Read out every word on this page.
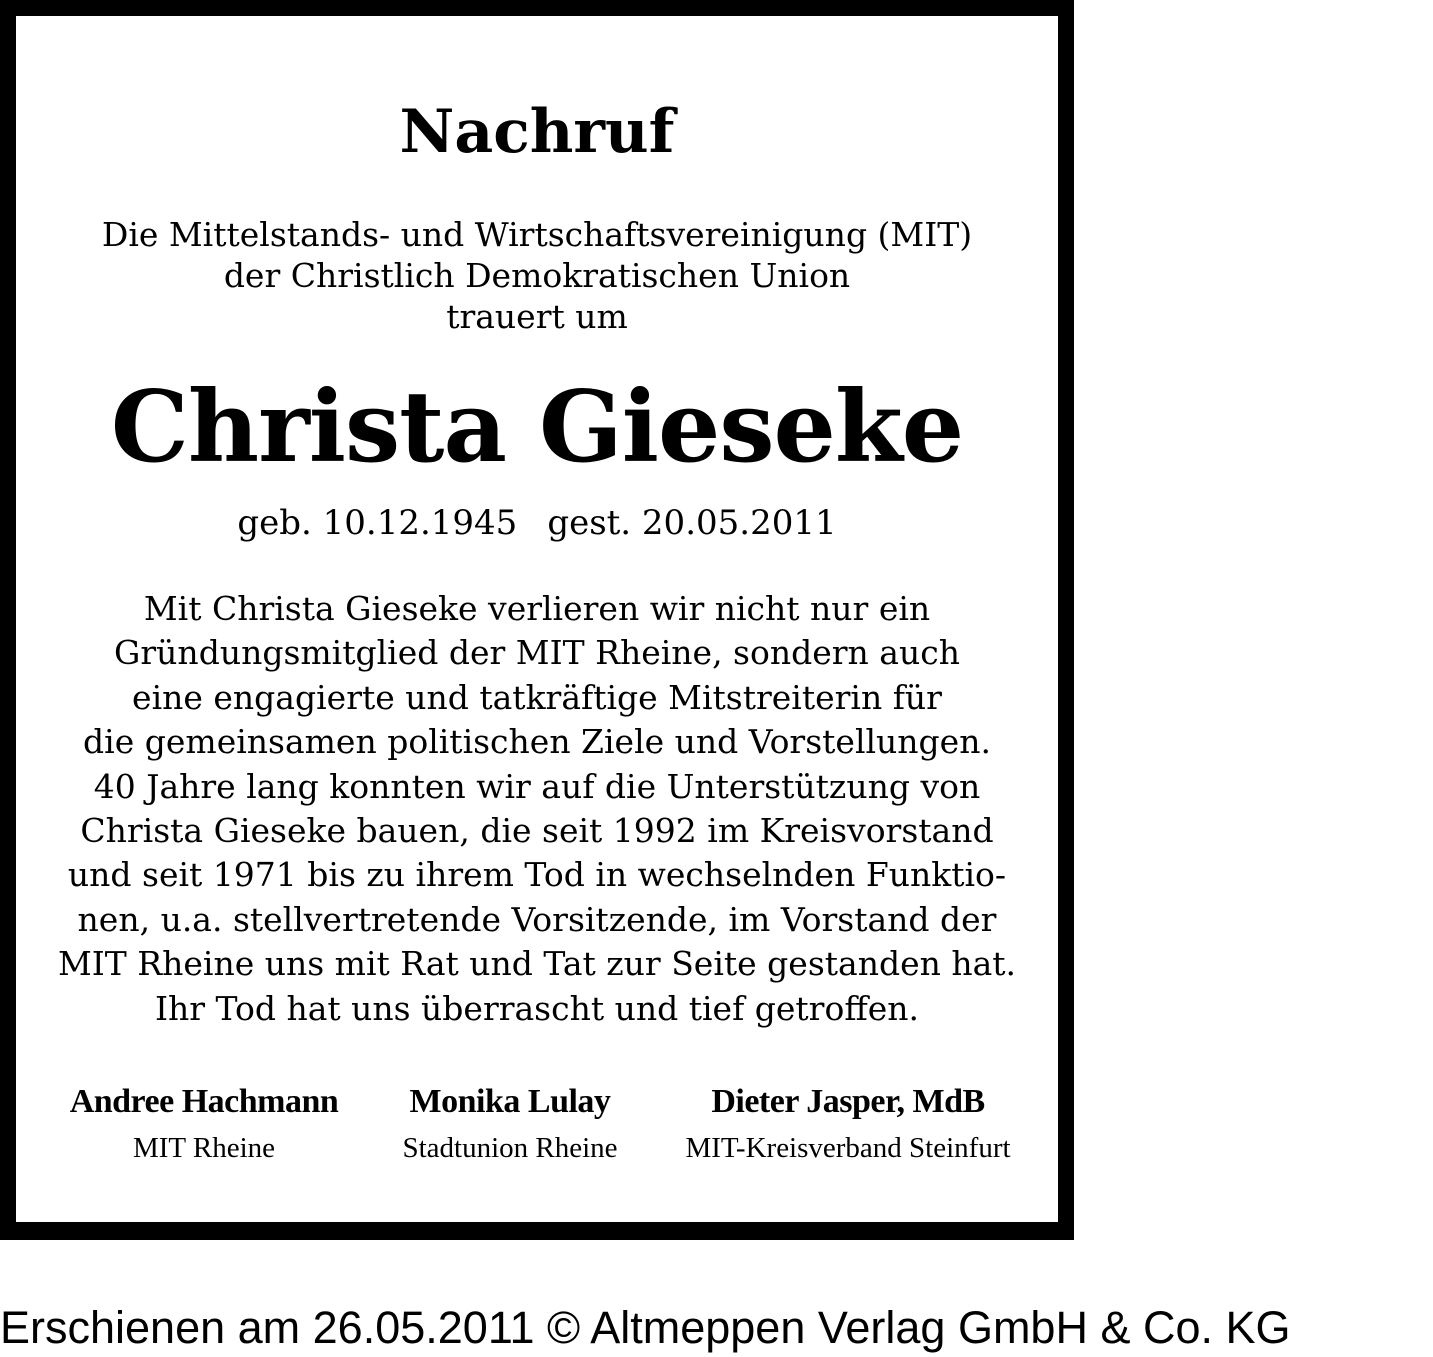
Nachruf
Die Mittelstands- und Wirtschaftsvereinigung (MIT)
der Christlich Demokratischen Union
trauert um
Christa Gieseke
geb. 10.12.1945 gest. 20.05.2011
Mit Christa Gieseke verlieren wir nicht nur ein
Gründungsmitglied der MIT Rheine, sondern auch
eine engagierte und tatkräftige Mitstreiterin für
die gemeinsamen politischen Ziele und Vorstellungen.
40 Jahre lang konnten wir auf die Unterstützung von
Christa Gieseke bauen, die seit 1992 im Kreisvorstand
und seit 1971 bis zu ihrem Tod in wechselnden Funktio-
nen, u.a. stellvertretende Vorsitzende, im Vorstand der
MIT Rheine uns mit Rat und Tat zur Seite gestanden hat.
Ihr Tod hat uns überrascht und tief getroffen.
Andree Hachmann
MIT Rheine
Monika Lulay
Stadtunion Rheine
Dieter Jasper, MdB
MIT-Kreisverband Steinfurt
Erschienen am 26.05.2011 © Altmeppen Verlag GmbH & Co. KG
